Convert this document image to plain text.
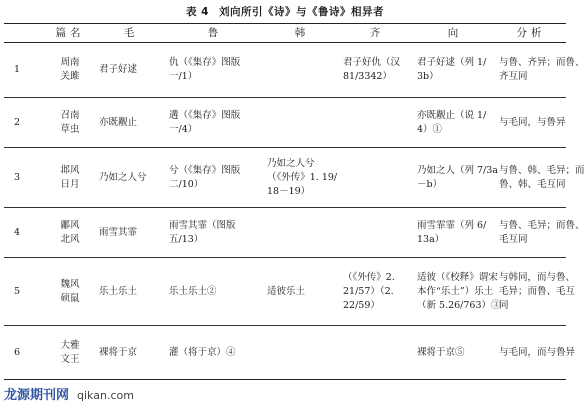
表 4 刘向所引《诗》与《鲁诗》相异者
	篇名	毛	鲁	韩	齐	向	分析
1	周南
关雎	君子好逑	仇（《集存》图版
一/1）		君子好仇（汉
81/3342）	君子好逑（列 1/
3b）	与鲁、齐异；而鲁、
齐互同

2	召南
草虫	亦既觏止	遘（《集存》图版
一/4）			亦既觏止（说 1/
4）①	与毛同，与鲁异

3	邶风
日月	乃如之人兮	兮（《集存》图版
二/10）	乃如之人兮
（《外传》1. 19/
18－19）		乃如之人（列 7/3a
－b）	与鲁、韩、毛异；而
鲁、韩、毛互同

4	鄘风
北风	雨雪其霏	雨雪其霏（图版
五/13）			雨雪霏霏（列 6/
13a）	与鲁、毛异；而鲁、
毛互同

5	魏风
硕鼠	乐土乐土	乐土乐土②	适彼乐土	（《外传》2.
21/57）（2.
22/59）	适彼（《校释》谓宋
本作“乐土”）乐土
（新 5.26/763）③	与韩同，而与鲁、
毛异；而鲁、毛互
同

6	大雅
文王	裸将于京	灌（将于京）④			裸将于京⑤	与毛同，而与鲁异
龙源期刊网 qikan.com
